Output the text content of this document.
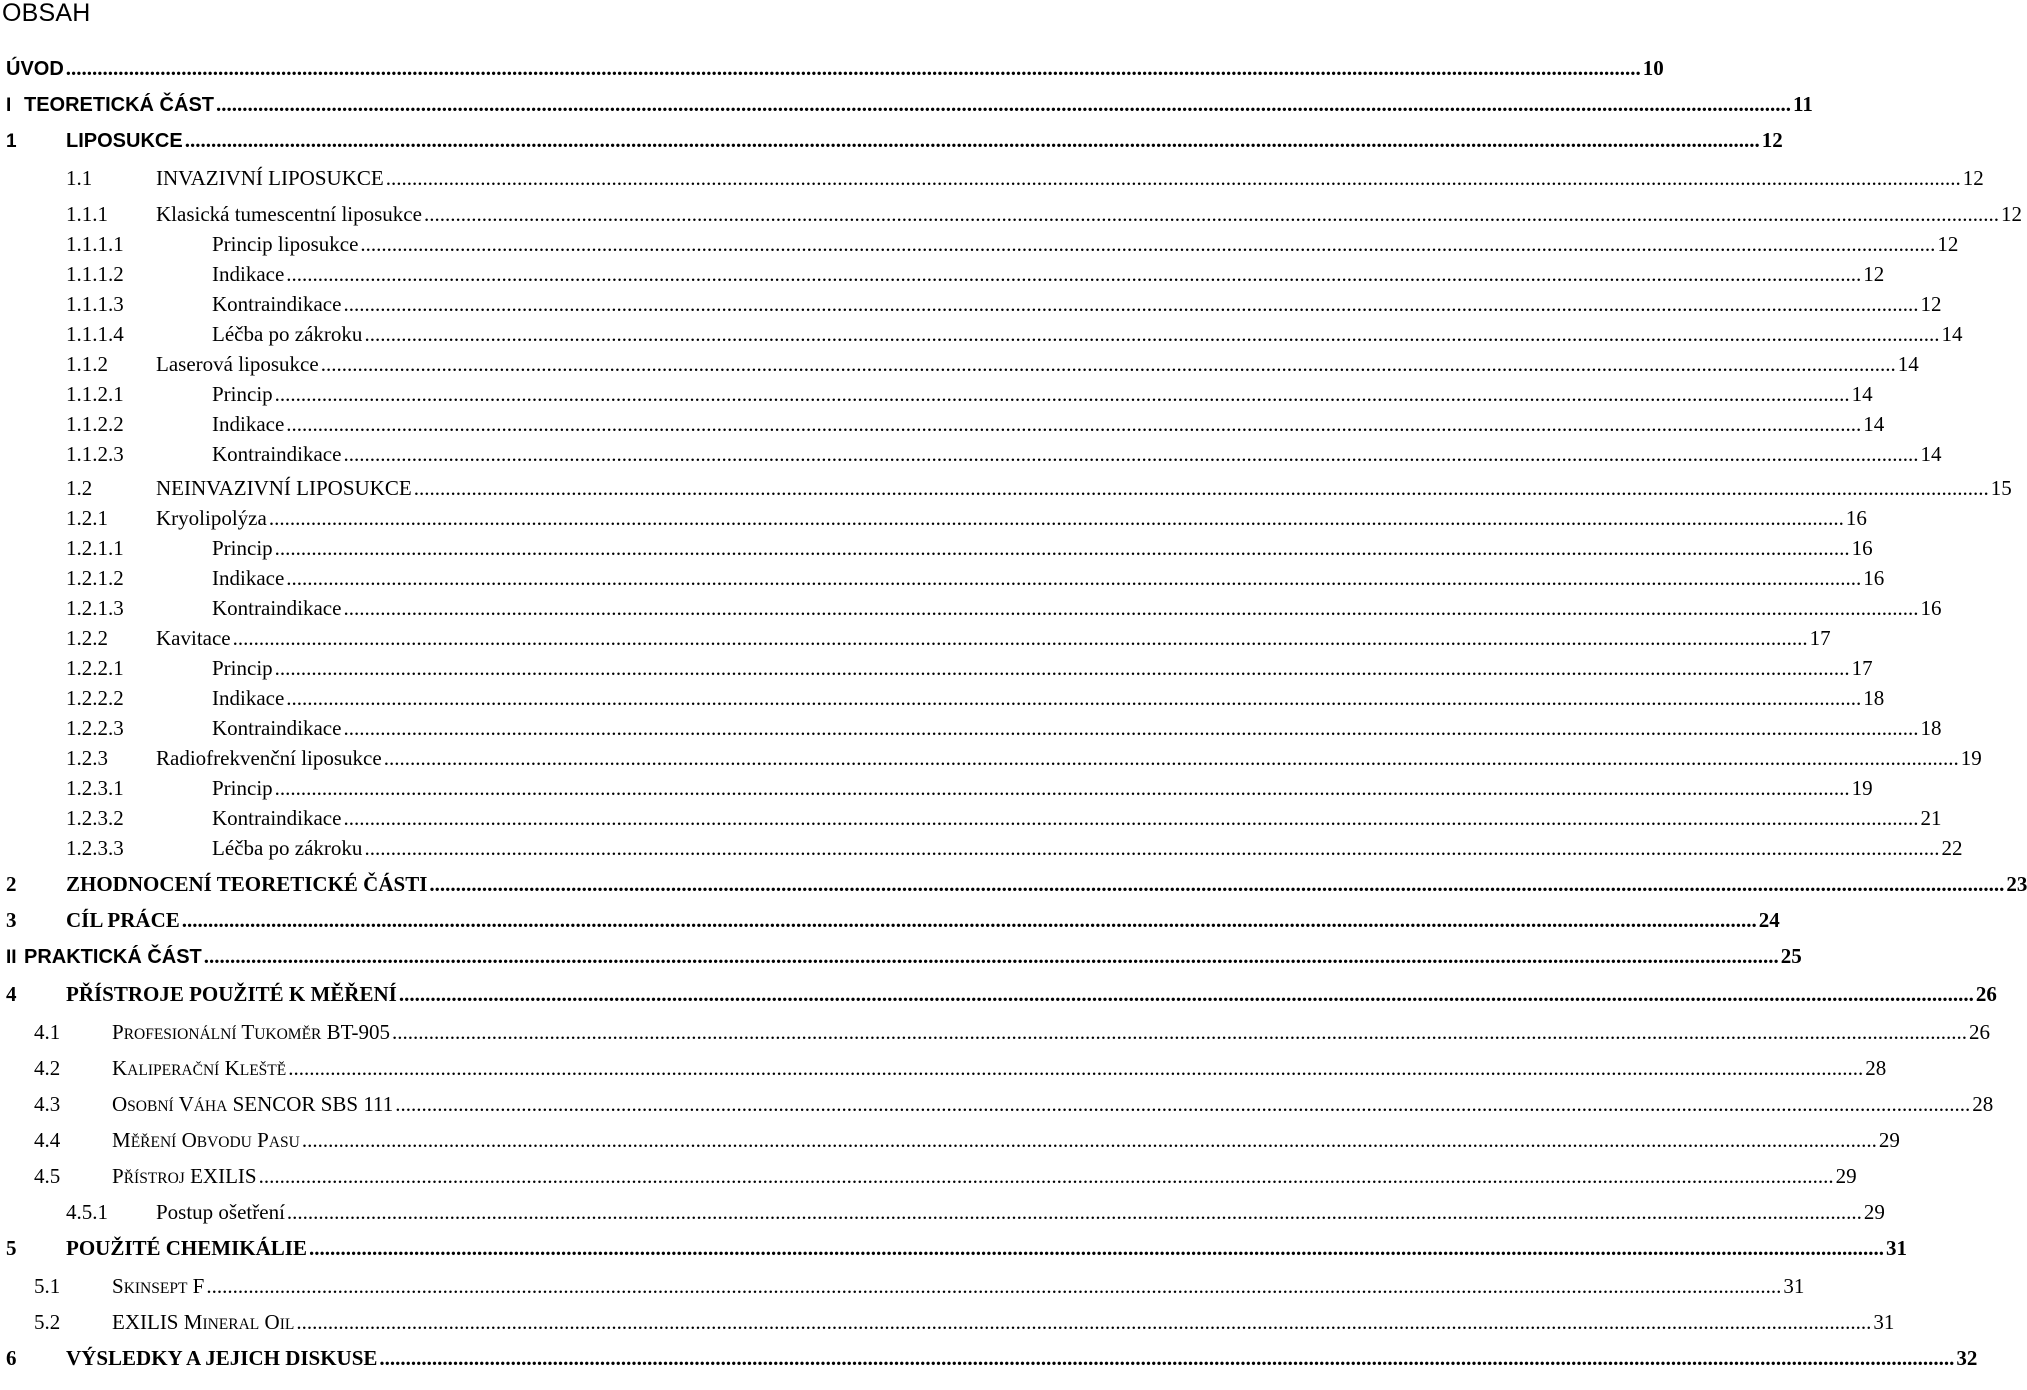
OBSAH
ÚVOD ............................................................................................................................................................................................................................................................................................................ 10
I TEORETICKÁ ČÁST ............................................................................................................................................................................................................................................................................................................ 11
1	LIPOSUKCE ............................................................................................................................................................................................................................................................................................................ 12
1.1	INVAZIVNÍ LIPOSUKCE ............................................................................................................................................................................................................................................................................................................ 12
1.1.1	Klasická tumescentní liposukce ............................................................................................................................................................................................................................................................................................................ 12
1.1.1.1	Princip liposukce ............................................................................................................................................................................................................................................................................................................ 12
1.1.1.2	Indikace ............................................................................................................................................................................................................................................................................................................ 12
1.1.1.3	Kontraindikace ............................................................................................................................................................................................................................................................................................................ 12
1.1.1.4	Léčba po zákroku ............................................................................................................................................................................................................................................................................................................ 14
1.1.2	Laserová liposukce ............................................................................................................................................................................................................................................................................................................ 14
1.1.2.1	Princip ............................................................................................................................................................................................................................................................................................................ 14
1.1.2.2	Indikace ............................................................................................................................................................................................................................................................................................................ 14
1.1.2.3	Kontraindikace ............................................................................................................................................................................................................................................................................................................ 14
1.2	NEINVAZIVNÍ LIPOSUKCE ............................................................................................................................................................................................................................................................................................................ 15
1.2.1	Kryolipolýza ............................................................................................................................................................................................................................................................................................................ 16
1.2.1.1	Princip ............................................................................................................................................................................................................................................................................................................ 16
1.2.1.2	Indikace ............................................................................................................................................................................................................................................................................................................ 16
1.2.1.3	Kontraindikace ............................................................................................................................................................................................................................................................................................................ 16
1.2.2	Kavitace ............................................................................................................................................................................................................................................................................................................ 17
1.2.2.1	Princip ............................................................................................................................................................................................................................................................................................................ 17
1.2.2.2	Indikace ............................................................................................................................................................................................................................................................................................................ 18
1.2.2.3	Kontraindikace ............................................................................................................................................................................................................................................................................................................ 18
1.2.3	Radiofrekvenční liposukce ............................................................................................................................................................................................................................................................................................................ 19
1.2.3.1	Princip ............................................................................................................................................................................................................................................................................................................ 19
1.2.3.2	Kontraindikace ............................................................................................................................................................................................................................................................................................................ 21
1.2.3.3	Léčba po zákroku ............................................................................................................................................................................................................................................................................................................ 22
2	ZHODNOCENÍ TEORETICKÉ ČÁSTI ............................................................................................................................................................................................................................................................................................................ 23
3	CÍL PRÁCE ............................................................................................................................................................................................................................................................................................................ 24
II PRAKTICKÁ ČÁST ............................................................................................................................................................................................................................................................................................................ 25
4	PŘÍSTROJE POUŽITÉ K MĚŘENÍ ............................................................................................................................................................................................................................................................................................................ 26
4.1	PROFESIONÁLNÍ TUKOMĚR BT-905 ............................................................................................................................................................................................................................................................................................................ 26
4.2	KALIPERAČNÍ KLEŠTĚ ............................................................................................................................................................................................................................................................................................................ 28
4.3	OSOBNÍ VÁHA SENCOR SBS 111 ............................................................................................................................................................................................................................................................................................................ 28
4.4	MĚŘENÍ OBVODU PASU ............................................................................................................................................................................................................................................................................................................ 29
4.5	PŘÍSTROJ EXILIS ............................................................................................................................................................................................................................................................................................................ 29
4.5.1	Postup ošetření ............................................................................................................................................................................................................................................................................................................ 29
5	POUŽITÉ CHEMIKÁLIE ............................................................................................................................................................................................................................................................................................................ 31
5.1	SKINSEPT F ............................................................................................................................................................................................................................................................................................................ 31
5.2	EXILIS MINERAL OIL ............................................................................................................................................................................................................................................................................................................ 31
6	VÝSLEDKY A JEJICH DISKUSE ............................................................................................................................................................................................................................................................................................................ 32
